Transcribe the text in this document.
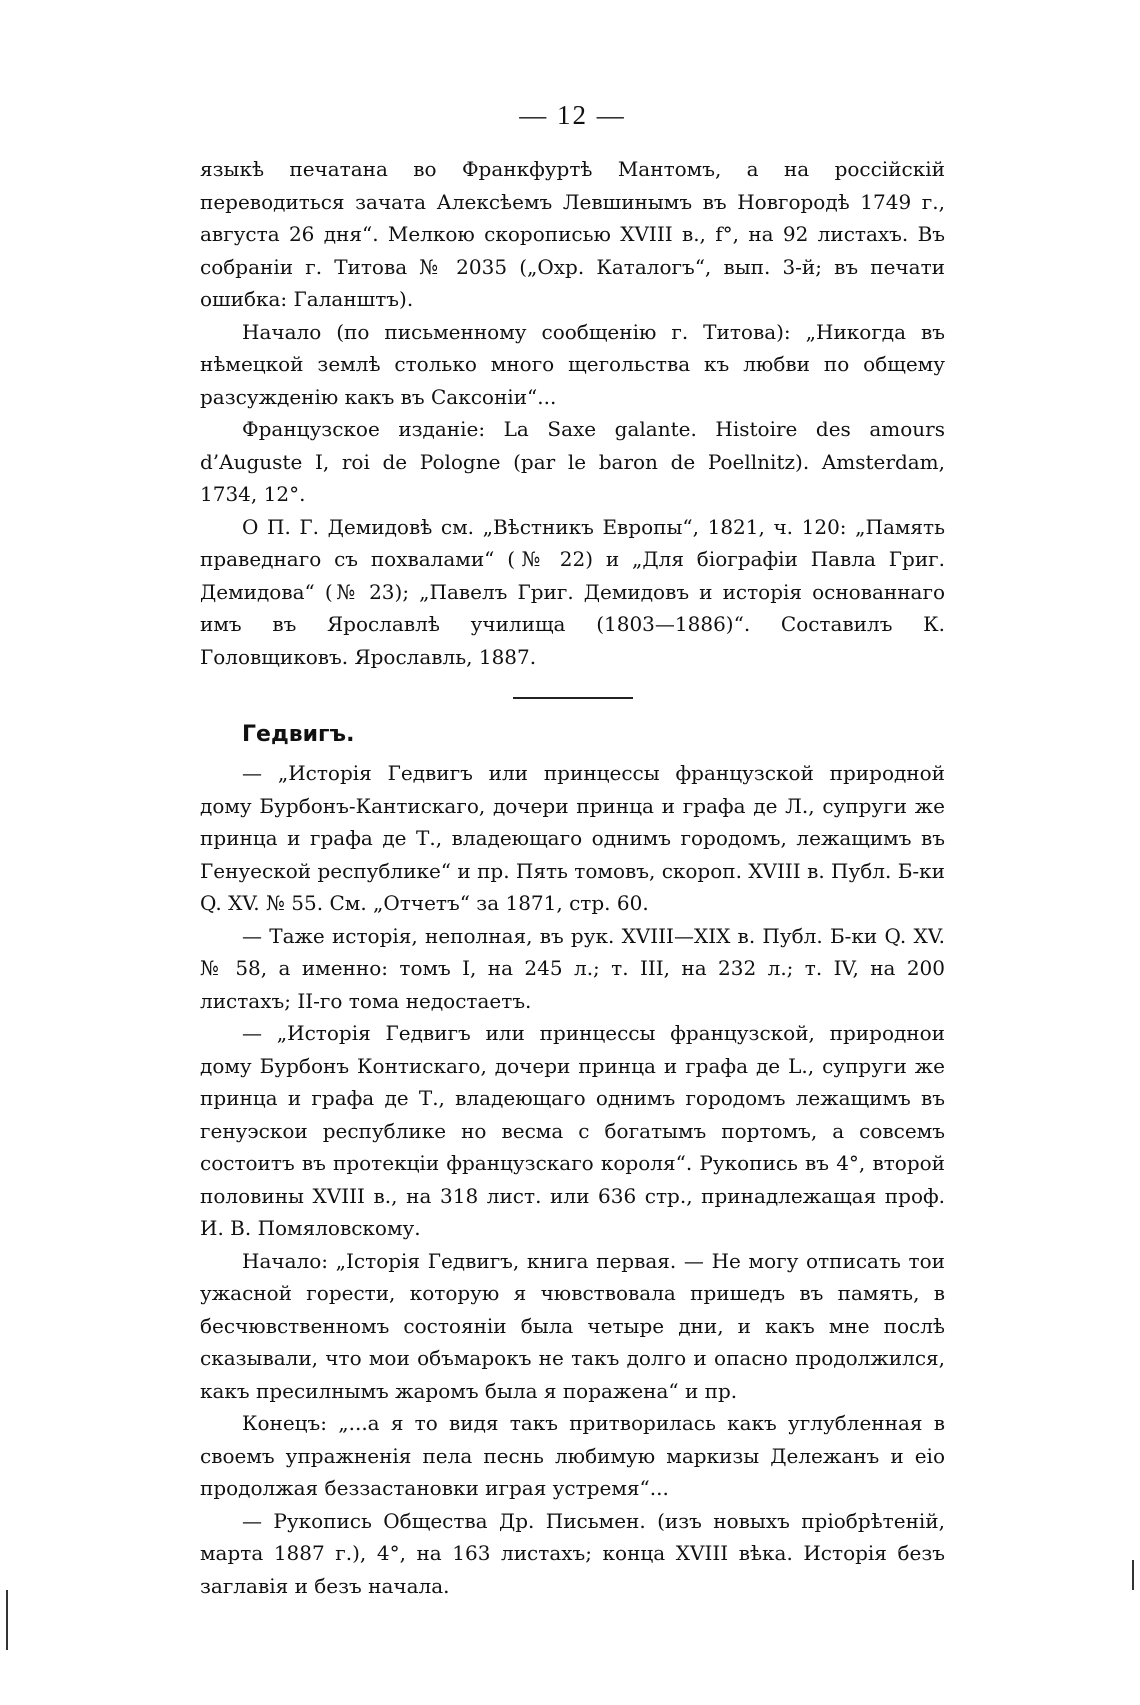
— 12 —

языкѣ печатана во Франкфуртѣ Мантомъ, а на россійскій переводиться зачата Алексѣемъ Левшинымъ въ Новгородѣ 1749 г., августа 26 дня“. Мелкою скорописью XVIII в., f°, на 92 листахъ. Въ собраніи г. Титова № 2035 („Охр. Каталогъ“, вып. 3-й; въ печати ошибка: Галанштъ).

Начало (по письменному сообщенію г. Титова): „Никогда въ нѣмецкой землѣ столько много щегольства къ любви по общему разсужденію какъ въ Саксоніи“...

Французское изданіе: La Saxe galante. Histoire des amours d’Auguste I, roi de Pologne (par le baron de Poellnitz). Amsterdam, 1734, 12°.

О П. Г. Демидовѣ см. „Вѣстникъ Европы“, 1821, ч. 120: „Память праведнаго съ похвалами“ (№ 22) и „Для біографіи Павла Григ. Демидова“ (№ 23); „Павелъ Григ. Демидовъ и исторія основаннаго имъ въ Ярославлѣ училища (1803—1886)“. Составилъ К. Головщиковъ. Ярославль, 1887.

Гедвигъ.

— „Исторія Гедвигъ или принцессы французской природной дому Бурбонъ-Кантискаго, дочери принца и графа де Л., супруги же принца и графа де Т., владеющаго однимъ городомъ, лежащимъ въ Генуеской республике“ и пр. Пять томовъ, скороп. XVIII в. Публ. Б-ки Q. XV. № 55. См. „Отчетъ“ за 1871, стр. 60.

— Таже исторія, неполная, въ рук. XVIII—XIX в. Публ. Б-ки Q. XV. № 58, а именно: томъ I, на 245 л.; т. III, на 232 л.; т. IV, на 200 листахъ; II-го тома недостаетъ.

— „Исторія Гедвигъ или принцессы французской, природнои дому Бурбонъ Контискаго, дочери принца и графа де L., супруги же принца и графа де Т., владеющаго однимъ городомъ лежащимъ въ генуэскои республике но весма с богатымъ портомъ, а совсемъ состоитъ въ протекціи французскаго короля“. Рукопись въ 4°, второй половины XVIII в., на 318 лист. или 636 стр., принадлежащая проф. И. В. Помяловскому.

Начало: „Історія Гедвигъ, книга первая. — Не могу отписать тои ужасной горести, которую я чювствовала пришедъ въ память, в бесчювственномъ состояніи была четыре дни, и какъ мне послѣ сказывали, что мои объмарокъ не такъ долго и опасно продолжился, какъ пресилнымъ жаромъ была я поражена“ и пр.

Конецъ: „...а я то видя такъ притворилась какъ углубленная в своемъ упражненія пела песнь любимую маркизы Дележанъ и еіо продолжая беззастановки играя устремя“...

— Рукопись Общества Др. Письмен. (изъ новыхъ пріобрѣтеній, марта 1887 г.), 4°, на 163 листахъ; конца XVIII вѣка. Исторія безъ заглавія и безъ начала.
